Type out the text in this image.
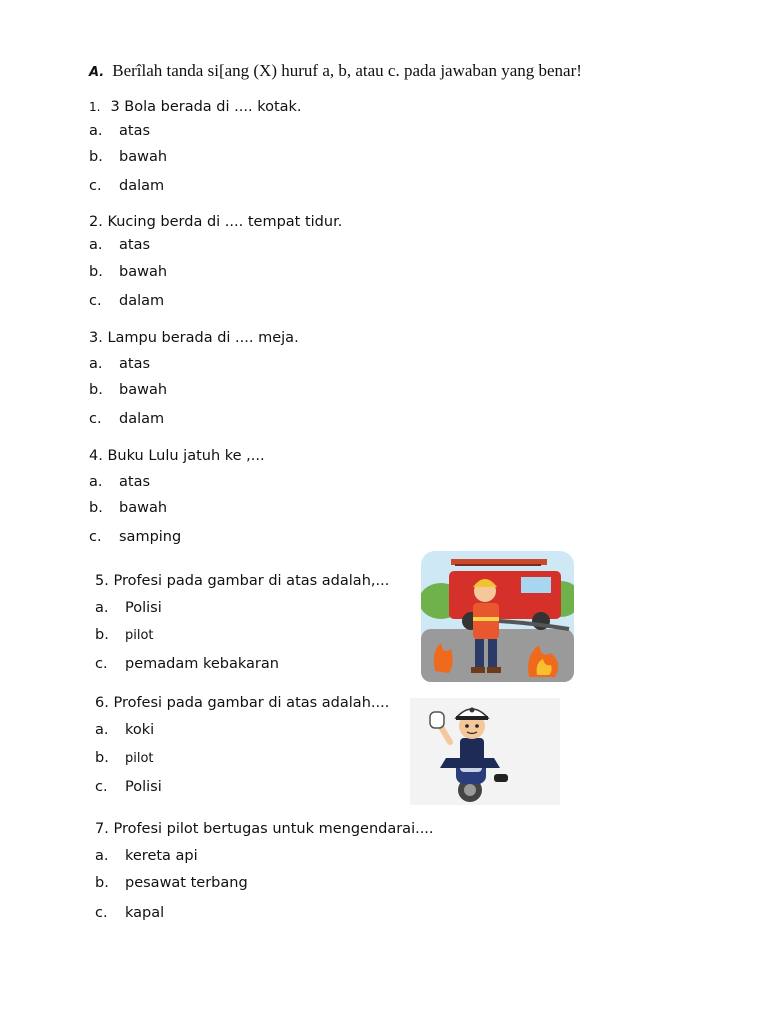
A. Berîlah tanda si[ang (X) huruf a, b, atau c. pada jawaban yang benar!
1. 3 Bola berada di .... kotak.
a. atas
b. bawah
c. dalam
2. Kucing berda di .... tempat tidur.
a. atas
b. bawah
c. dalam
3. Lampu berada di .... meja.
a. atas
b. bawah
c. dalam
4. Buku Lulu jatuh ke ,...
a. atas
b. bawah
c. samping
5. Profesi pada gambar di atas adalah,...
a. Polisi
b. pilot
c. pemadam kebakaran
6. Profesi pada gambar di atas adalah....
a. koki
b. pilot
c. Polisi
7. Profesi pilot bertugas untuk mengendarai....
a. kereta api
b. pesawat terbang
c. kapal
